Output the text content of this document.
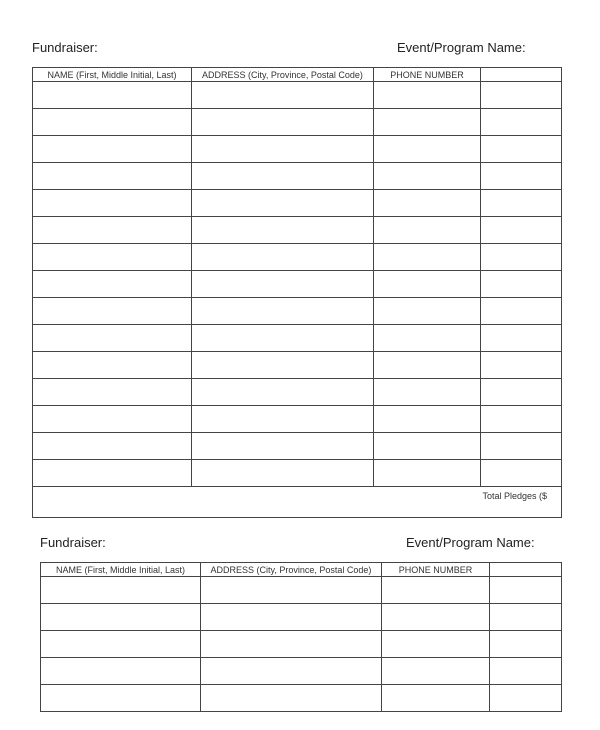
Fundraiser:	Event/Program Name:
NAME (First, Middle Initial, Last)	ADDRESS (City, Province, Postal Code)	PHONE NUMBER	

Total Pledges ($			
Fundraiser:	Event/Program Name:
NAME (First, Middle Initial, Last)	ADDRESS (City, Province, Postal Code)	PHONE NUMBER	
